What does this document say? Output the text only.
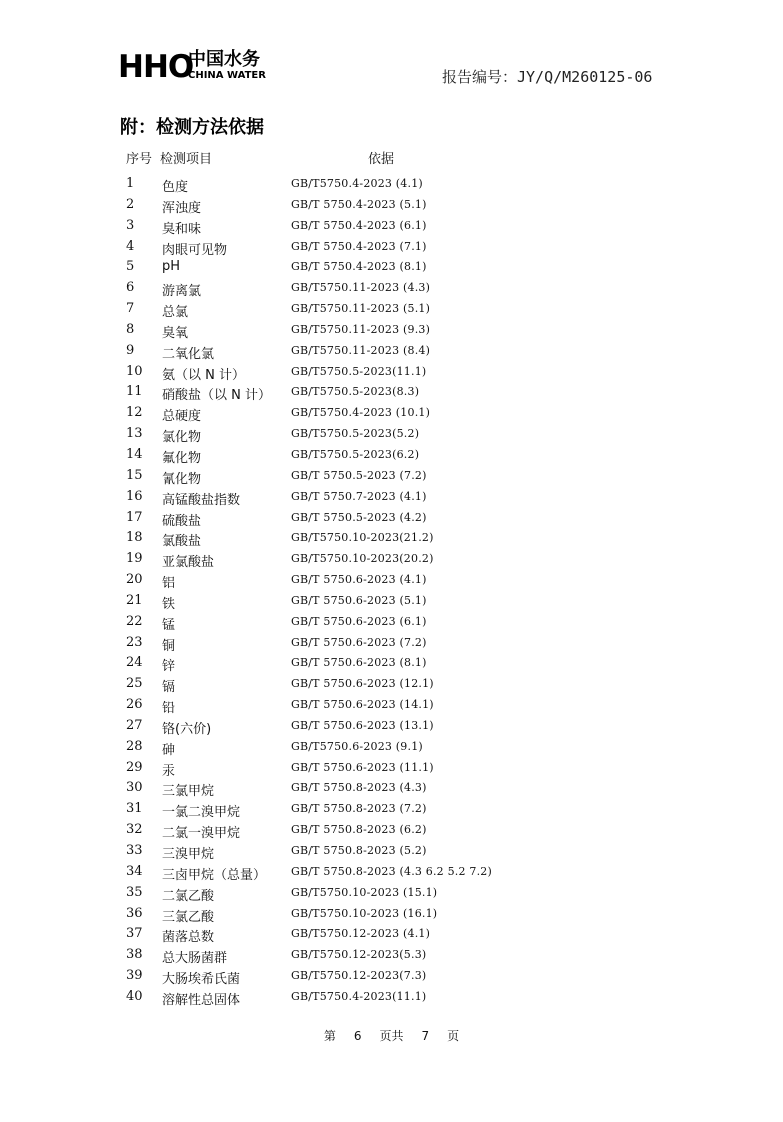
HHO
中国水务
CHINA WATER	报告编号：JY/Q/M260125-06
附：检测方法依据
序号 检测项目	依据
1 色度	GB/T5750.4-2023 (4.1)
2 浑浊度	GB/T 5750.4-2023 (5.1)
3 臭和味	GB/T 5750.4-2023 (6.1)
4 肉眼可见物	GB/T 5750.4-2023 (7.1)
5 pH	GB/T 5750.4-2023 (8.1)
6 游离氯	GB/T5750.11-2023 (4.3)
7 总氯	GB/T5750.11-2023 (5.1)
8 臭氧	GB/T5750.11-2023 (9.3)
9 二氧化氯	GB/T5750.11-2023 (8.4)
10 氨（以 N 计）	GB/T5750.5-2023(11.1)
11 硝酸盐（以 N 计） GB/T5750.5-2023(8.3)
12 总硬度	GB/T5750.4-2023 (10.1)
13 氯化物	GB/T5750.5-2023(5.2)
14 氟化物	GB/T5750.5-2023(6.2)
15 氰化物	GB/T 5750.5-2023 (7.2)
16 高锰酸盐指数	GB/T 5750.7-2023 (4.1)
17 硫酸盐	GB/T 5750.5-2023 (4.2)
18 氯酸盐	GB/T5750.10-2023(21.2)
19 亚氯酸盐	GB/T5750.10-2023(20.2)
20 铝	GB/T 5750.6-2023 (4.1)
21 铁	GB/T 5750.6-2023 (5.1)
22 锰	GB/T 5750.6-2023 (6.1)
23 铜	GB/T 5750.6-2023 (7.2)
24 锌	GB/T 5750.6-2023 (8.1)
25 镉	GB/T 5750.6-2023 (12.1)
26 铅	GB/T 5750.6-2023 (14.1)
27 铬(六价)	GB/T 5750.6-2023 (13.1)
28 砷	GB/T5750.6-2023 (9.1)
29 汞	GB/T 5750.6-2023 (11.1)
30 三氯甲烷	GB/T 5750.8-2023 (4.3)
31 一氯二溴甲烷	GB/T 5750.8-2023 (7.2)
32 二氯一溴甲烷	GB/T 5750.8-2023 (6.2)
33 三溴甲烷	GB/T 5750.8-2023 (5.2)
34 三卤甲烷（总量） GB/T 5750.8-2023 (4.3 6.2 5.2 7.2)
35 二氯乙酸	GB/T5750.10-2023 (15.1)
36 三氯乙酸	GB/T5750.10-2023 (16.1)
37 菌落总数	GB/T5750.12-2023 (4.1)
38 总大肠菌群	GB/T5750.12-2023(5.3)
39 大肠埃希氏菌	GB/T5750.12-2023(7.3)
40 溶解性总固体	GB/T5750.4-2023(11.1)
第 6 页共 7 页
